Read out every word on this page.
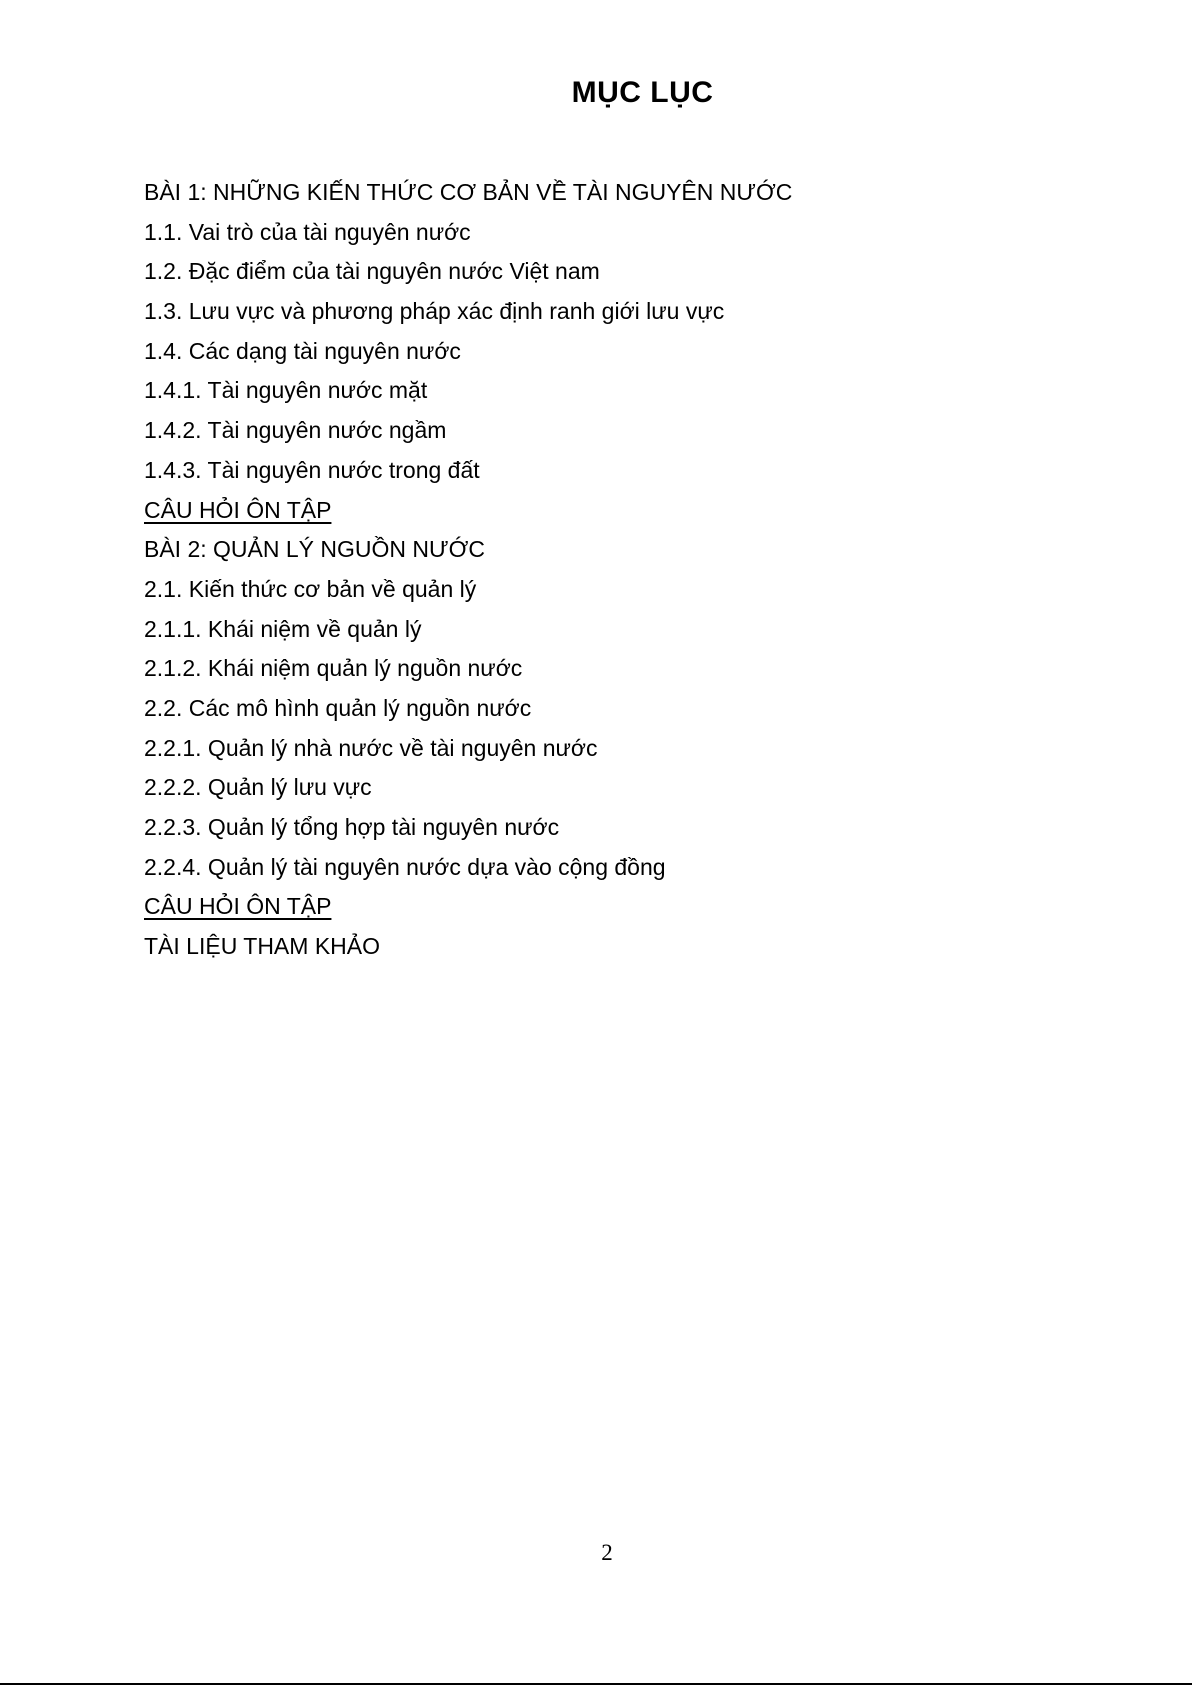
MỤC LỤC
BÀI 1: NHỮNG KIẾN THỨC CƠ BẢN VỀ TÀI NGUYÊN NƯỚC
1.1. Vai trò của tài nguyên nước
1.2. Đặc điểm của tài nguyên nước Việt nam
1.3. Lưu vực và phương pháp xác định ranh giới lưu vực
1.4. Các dạng tài nguyên nước
1.4.1. Tài nguyên nước mặt
1.4.2. Tài nguyên nước ngầm
1.4.3. Tài nguyên nước trong đất
CÂU HỎI ÔN TẬP
BÀI 2: QUẢN LÝ NGUỒN NƯỚC
2.1. Kiến thức cơ bản về quản lý
2.1.1. Khái niệm về quản lý
2.1.2. Khái niệm quản lý nguồn nước
2.2. Các mô hình quản lý nguồn nước
2.2.1. Quản lý nhà nước về tài nguyên nước
2.2.2. Quản lý lưu vực
2.2.3. Quản lý tổng hợp tài nguyên nước
2.2.4. Quản lý tài nguyên nước dựa vào cộng đồng
CÂU HỎI ÔN TẬP
TÀI LIỆU THAM KHẢO
2
